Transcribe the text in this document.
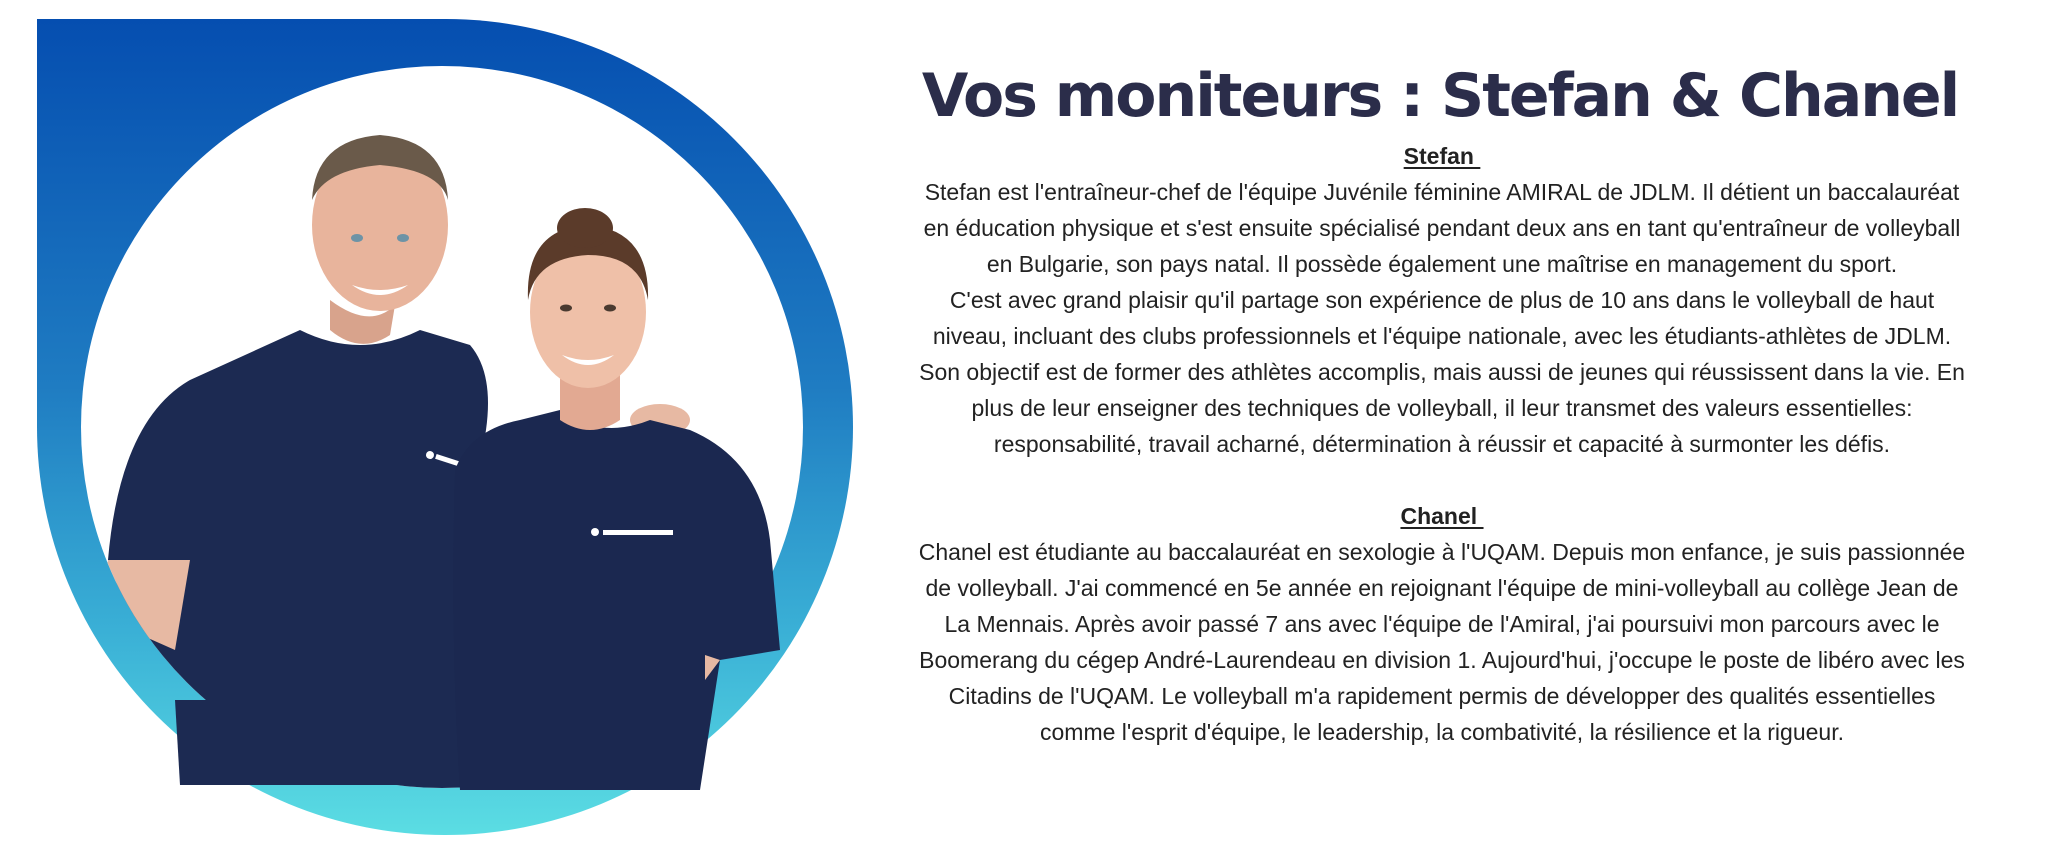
Vos moniteurs : Stefan & Chanel
Stefan
Stefan est l'entraîneur-chef de l'équipe Juvénile féminine AMIRAL de JDLM. Il détient un baccalauréat
en éducation physique et s'est ensuite spécialisé pendant deux ans en tant qu'entraîneur de volleyball
en Bulgarie, son pays natal. Il possède également une maîtrise en management du sport.
C'est avec grand plaisir qu'il partage son expérience de plus de 10 ans dans le volleyball de haut
niveau, incluant des clubs professionnels et l'équipe nationale, avec les étudiants-athlètes de JDLM.
Son objectif est de former des athlètes accomplis, mais aussi de jeunes qui réussissent dans la vie. En
plus de leur enseigner des techniques de volleyball, il leur transmet des valeurs essentielles:
responsabilité, travail acharné, détermination à réussir et capacité à surmonter les défis.
Chanel
Chanel est étudiante au baccalauréat en sexologie à l'UQAM. Depuis mon enfance, je suis passionnée
de volleyball. J'ai commencé en 5e année en rejoignant l'équipe de mini-volleyball au collège Jean de
La Mennais. Après avoir passé 7 ans avec l'équipe de l'Amiral, j'ai poursuivi mon parcours avec le
Boomerang du cégep André-Laurendeau en division 1. Aujourd'hui, j'occupe le poste de libéro avec les
Citadins de l'UQAM. Le volleyball m'a rapidement permis de développer des qualités essentielles
comme l'esprit d'équipe, le leadership, la combativité, la résilience et la rigueur.
